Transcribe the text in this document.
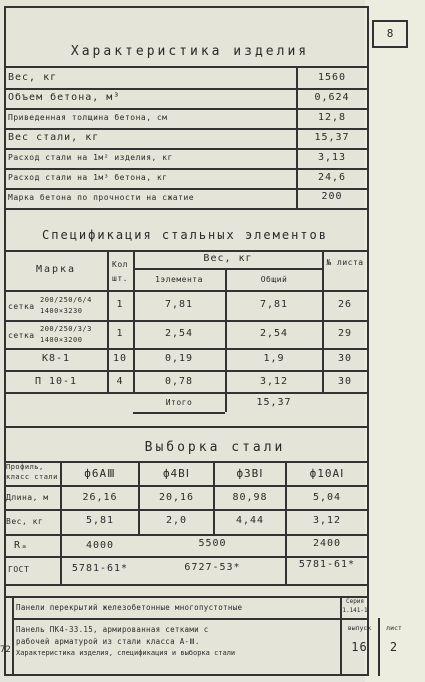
8
Характеристика изделия
Вес, кг	1560
Объем бетона, м³	0,624
Приведенная толщина бетона, см	12,8
Вес стали, кг	15,37
Расход стали на 1м² изделия, кг	3,13
Расход стали на 1м³ бетона, кг	24,6
Марка бетона по прочности на сжатие	200
Спецификация стальных элементов
Марка	Кол шт.
Вес, кг
1элемента	Общий
№ листа
сетка
200/250/6/4
1400×3230
1	7,81	7,81	26
сетка
200/250/3/3
1400×3200
1	2,54	2,54	29
К8-1	10	0,19	1,9	30
П 10-1	4	0,78	3,12	30
Итого	15,37
Выборка стали
Профиль,
класс стали	ф6АⅢ	ф4ВⅠ	ф3ВⅠ	ф10АⅠ
Длина, м	26,16	20,16	80,98	5,04
Вес, кг	5,81	2,0	4,44	3,12
Rₐ	4000	5500	2400
ГОСТ	5781-61*	6727-53*	5781-61*
Панели перекрытий железобетонные многопустотные
Серия
1.141-1
Панель ПК4-33.15, армированная сетками с
рабочей арматурой из стали класса А-Ⅲ.
Характеристика изделия, спецификация и выборка стали
выпуск
16
лист
2
72
